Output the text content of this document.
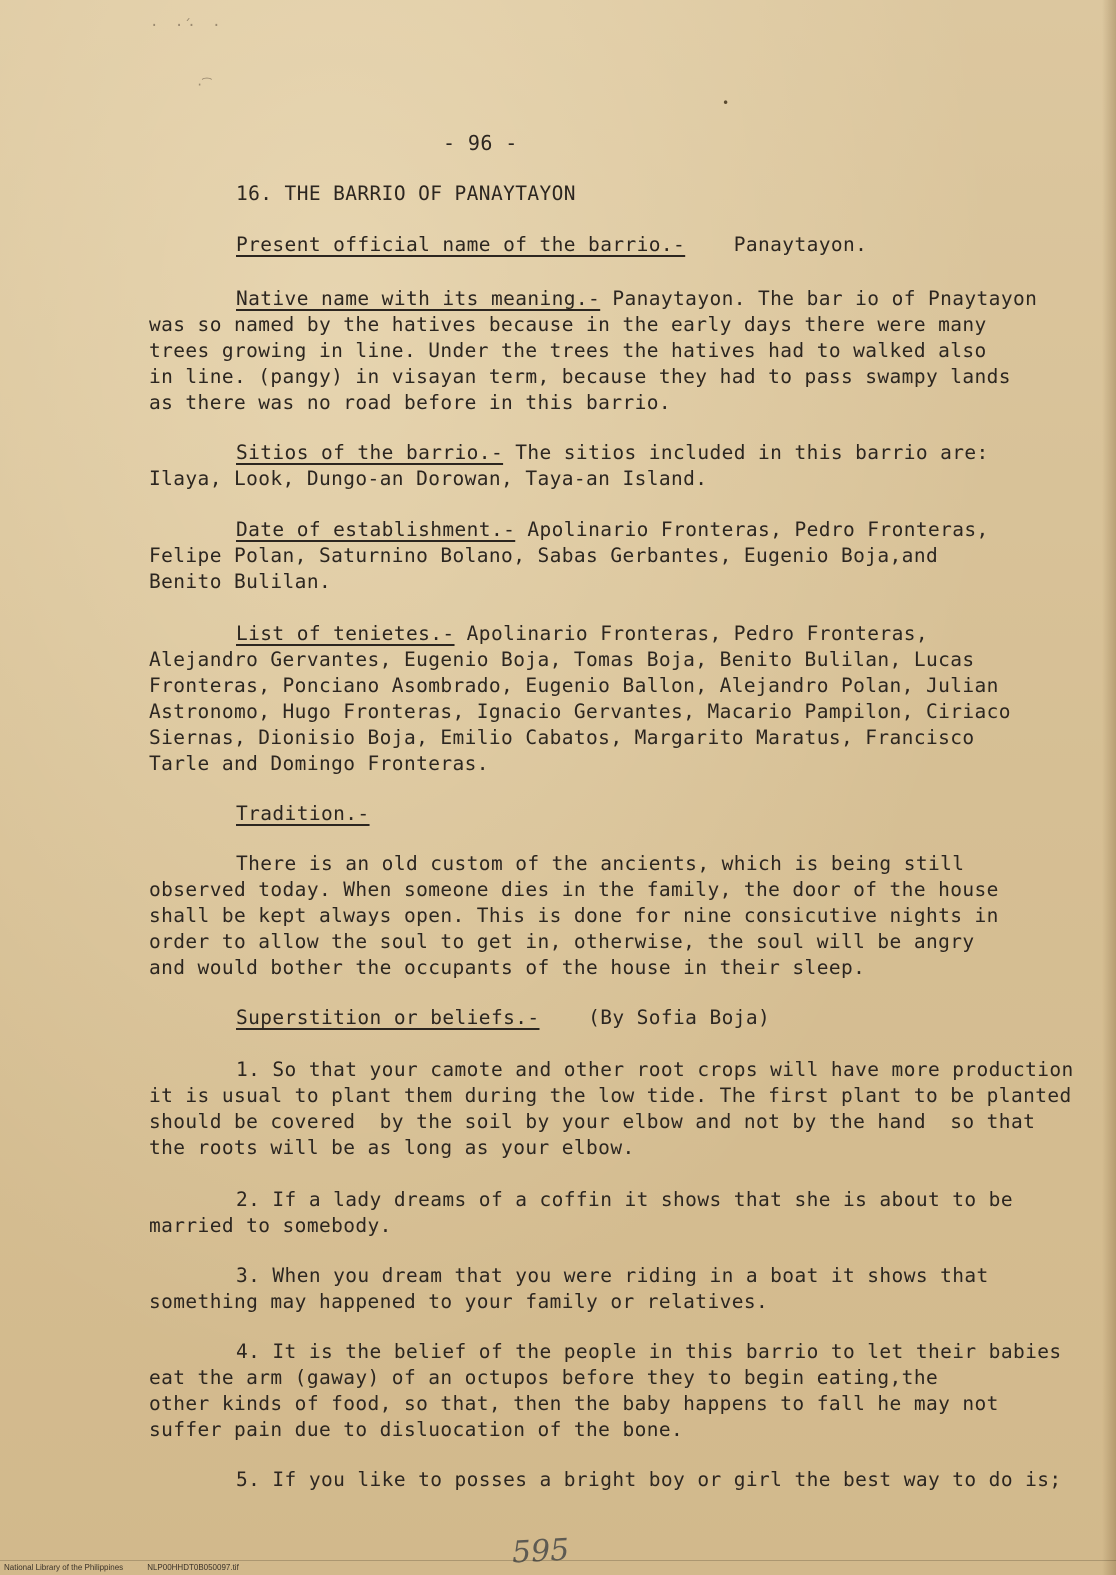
· ·́· ·
·͡
•
- 96 -
16. THE BARRIO OF PANAYTAYON
Present official name of the barrio.- Panaytayon.
Native name with its meaning.- Panaytayon. The bar io of Pnaytayon
was so named by the hatives because in the early days there were many
trees growing in line. Under the trees the hatives had to walked also
in line. (pangy) in visayan term, because they had to pass swampy lands
as there was no road before in this barrio.
Sitios of the barrio.- The sitios included in this barrio are:
Ilaya, Look, Dungo-an Dorowan, Taya-an Island.
Date of establishment.- Apolinario Fronteras, Pedro Fronteras,
Felipe Polan, Saturnino Bolano, Sabas Gerbantes, Eugenio Boja,and
Benito Bulilan.
List of tenietes.- Apolinario Fronteras, Pedro Fronteras,
Alejandro Gervantes, Eugenio Boja, Tomas Boja, Benito Bulilan, Lucas
Fronteras, Ponciano Asombrado, Eugenio Ballon, Alejandro Polan, Julian
Astronomo, Hugo Fronteras, Ignacio Gervantes, Macario Pampilon, Ciriaco
Siernas, Dionisio Boja, Emilio Cabatos, Margarito Maratus, Francisco
Tarle and Domingo Fronteras.
Tradition.-
There is an old custom of the ancients, which is being still
observed today. When someone dies in the family, the door of the house
shall be kept always open. This is done for nine consicutive nights in
order to allow the soul to get in, otherwise, the soul will be angry
and would bother the occupants of the house in their sleep.
Superstition or beliefs.- (By Sofia Boja)
1. So that your camote and other root crops will have more production
it is usual to plant them during the low tide. The first plant to be planted
should be covered  by the soil by your elbow and not by the hand  so that
the roots will be as long as your elbow.
2. If a lady dreams of a coffin it shows that she is about to be
married to somebody.
3. When you dream that you were riding in a boat it shows that
something may happened to your family or relatives.
4. It is the belief of the people in this barrio to let their babies
eat the arm (gaway) of an octupos before they to begin eating,the
other kinds of food, so that, then the baby happens to fall he may not
suffer pain due to disluocation of the bone.
5. If you like to posses a bright boy or girl the best way to do is;
595
National Library of the Philippines	NLP00HHDT0B050097.tif
